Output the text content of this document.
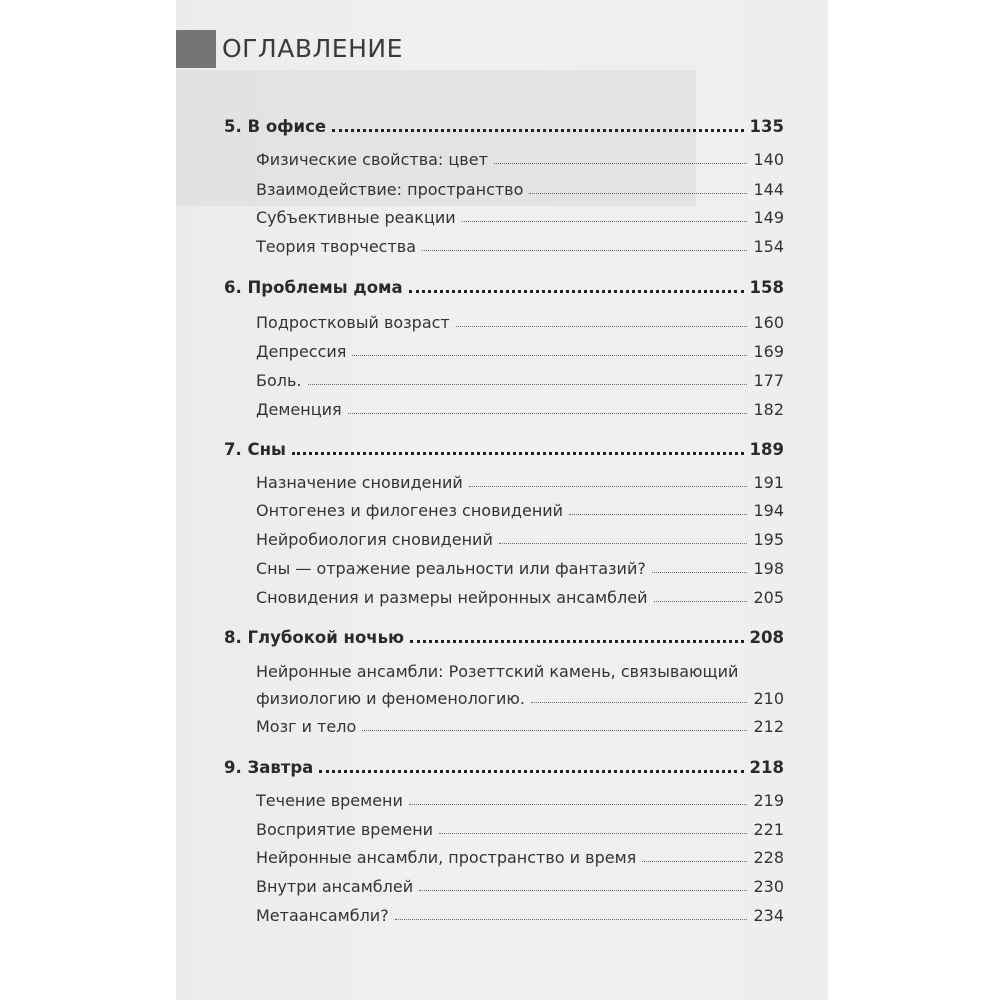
ОГЛАВЛЕНИЕ
5. В офисе	135
Физические свойства: цвет	140
Взаимодействие: пространство	144
Субъективные реакции	149
Теория творчества	154
6. Проблемы дома	158
Подростковый возраст	160
Депрессия	169
Боль.	177
Деменция	182
7. Сны	189
Назначение сновидений	191
Онтогенез и филогенез сновидений	194
Нейробиология сновидений	195
Сны — отражение реальности или фантазий?	198
Сновидения и размеры нейронных ансамблей	205
8. Глубокой ночью	208
Нейронные ансамбли: Розеттский камень, связывающий
физиологию и феноменологию.	210
Мозг и тело	212
9. Завтра	218
Течение времени	219
Восприятие времени	221
Нейронные ансамбли, пространство и время	228
Внутри ансамблей	230
Метаансамбли?	234
